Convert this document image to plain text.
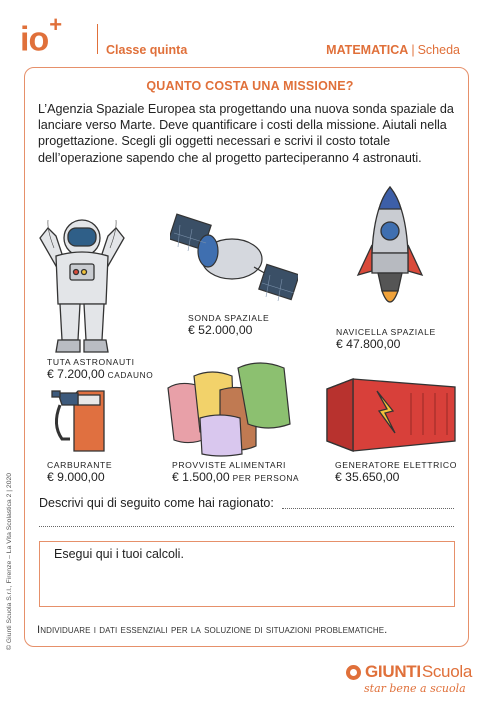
io+
Classe quinta	MATEMATICA | Scheda
© Giunti Scuola S.r.l., Firenze – La Vita Scolastica 2 | 2020
QUANTO COSTA UNA MISSIONE?
L’Agenzia Spaziale Europea sta progettando una nuova sonda spaziale da lanciare verso Marte. Deve quantificare i costi della missione. Aiutali nella progettazione. Scegli gli oggetti necessari e scrivi il costo totale dell’operazione sapendo che al progetto parteciperanno 4 astronauti.
TUTA ASTRONAUTI
€ 7.200,00 CADAUNO
SONDA SPAZIALE
€ 52.000,00	NAVICELLA SPAZIALE
€ 47.800,00
CARBURANTE
€ 9.000,00
PROVVISTE ALIMENTARI
€ 1.500,00 PER PERSONA
GENERATORE ELETTRICO
€ 35.650,00
Descrivi qui di seguito come hai ragionato:
Esegui qui i tuoi calcoli.
Individuare i dati essenziali per la soluzione di situazioni problematiche.
GIUNTI Scuola
star bene a scuola
